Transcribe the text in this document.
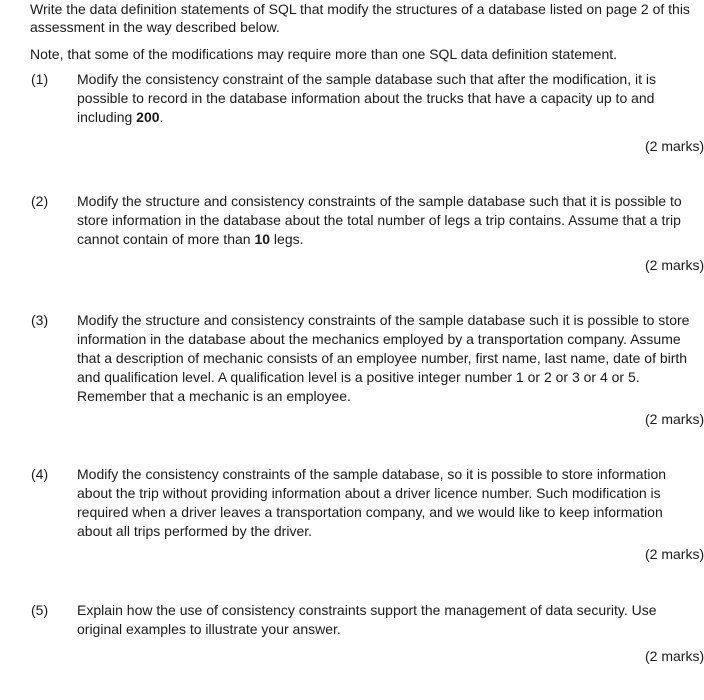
Write the data definition statements of SQL that modify the structures of a database listed on page 2 of this
assessment in the way described below.
Note, that some of the modifications may require more than one SQL data definition statement.
(1) Modify the consistency constraint of the sample database such that after the modification, it is
possible to record in the database information about the trucks that have a capacity up to and
including 200.
(2 marks)
(2) Modify the structure and consistency constraints of the sample database such that it is possible to
store information in the database about the total number of legs a trip contains. Assume that a trip
cannot contain of more than 10 legs.
(2 marks)
(3) Modify the structure and consistency constraints of the sample database such it is possible to store
information in the database about the mechanics employed by a transportation company. Assume
that a description of mechanic consists of an employee number, first name, last name, date of birth
and qualification level. A qualification level is a positive integer number 1 or 2 or 3 or 4 or 5.
Remember that a mechanic is an employee.
(2 marks)
(4) Modify the consistency constraints of the sample database, so it is possible to store information
about the trip without providing information about a driver licence number. Such modification is
required when a driver leaves a transportation company, and we would like to keep information
about all trips performed by the driver.
(2 marks)
(5) Explain how the use of consistency constraints support the management of data security. Use
original examples to illustrate your answer.
(2 marks)
